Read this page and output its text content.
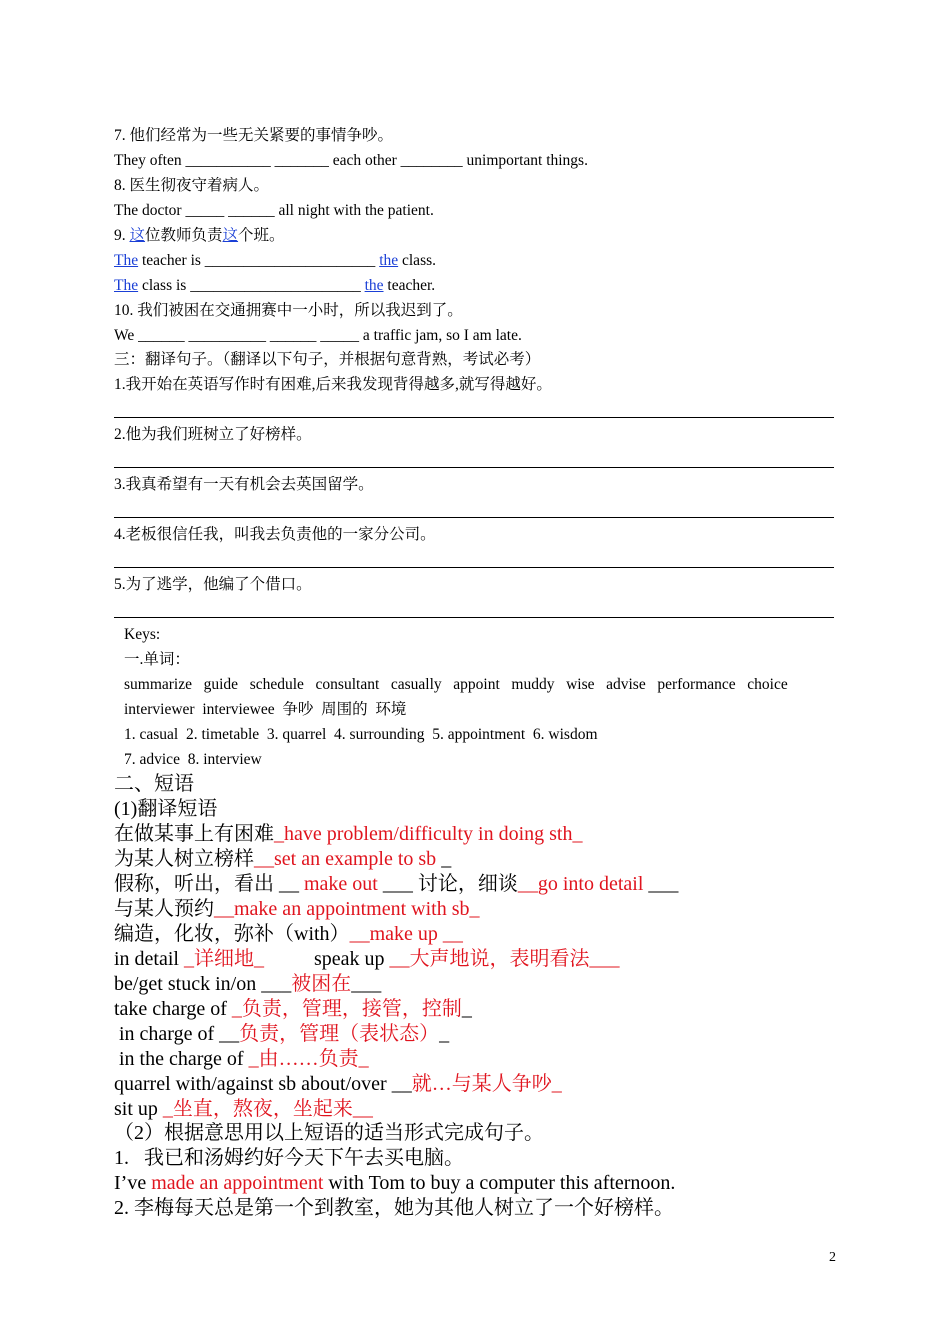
7. 他们经常为一些无关紧要的事情争吵。
They often ___________ _______ each other ________ unimportant things.
8. 医生彻夜守着病人。
The doctor _____ ______ all night with the patient.
9. 这位教师负责这个班。
The teacher is ______________________ the class.
The class is ______________________ the teacher.
10. 我们被困在交通拥赛中一小时，所以我迟到了。
We ______ __________ ______ _____ a traffic jam, so I am late.
三：翻译句子。（翻译以下句子，并根据句意背熟，考试必考）
1.我开始在英语写作时有困难,后来我发现背得越多,就写得越好。
2.他为我们班树立了好榜样。
3.我真希望有一天有机会去英国留学。
4.老板很信任我，叫我去负责他的一家分公司。
5.为了逃学，他编了个借口。
Keys:
一.单词：
summarize   guide   schedule   consultant   casually   appoint   muddy   wise   advise   performance   choice
interviewer  interviewee  争吵  周围的  环境
1. casual  2. timetable  3. quarrel  4. surrounding  5. appointment  6. wisdom
7. advice  8. interview
二、短语
(1)翻译短语
在做某事上有困难_have problem/difficulty in doing sth_
为某人树立榜样__set an example to sb _
假称，听出，看出 __ make out ___ 讨论，细谈__go into detail ___
与某人预约__make an appointment with sb_
编造，化妆，弥补（with）__make up __
in detail _详细地_          speak up __大声地说，表明看法___
be/get stuck in/on ___被困在___
take charge of _负责，管理，接管，控制_
in charge of __负责，管理（表状态）_
in the charge of _由……负责_
quarrel with/against sb about/over __就…与某人争吵_
sit up _坐直，熬夜，坐起来__
（2）根据意思用以上短语的适当形式完成句子。
1.   我已和汤姆约好今天下午去买电脑。
I’ve made an appointment with Tom to buy a computer this afternoon.
2. 李梅每天总是第一个到教室，她为其他人树立了一个好榜样。
2
